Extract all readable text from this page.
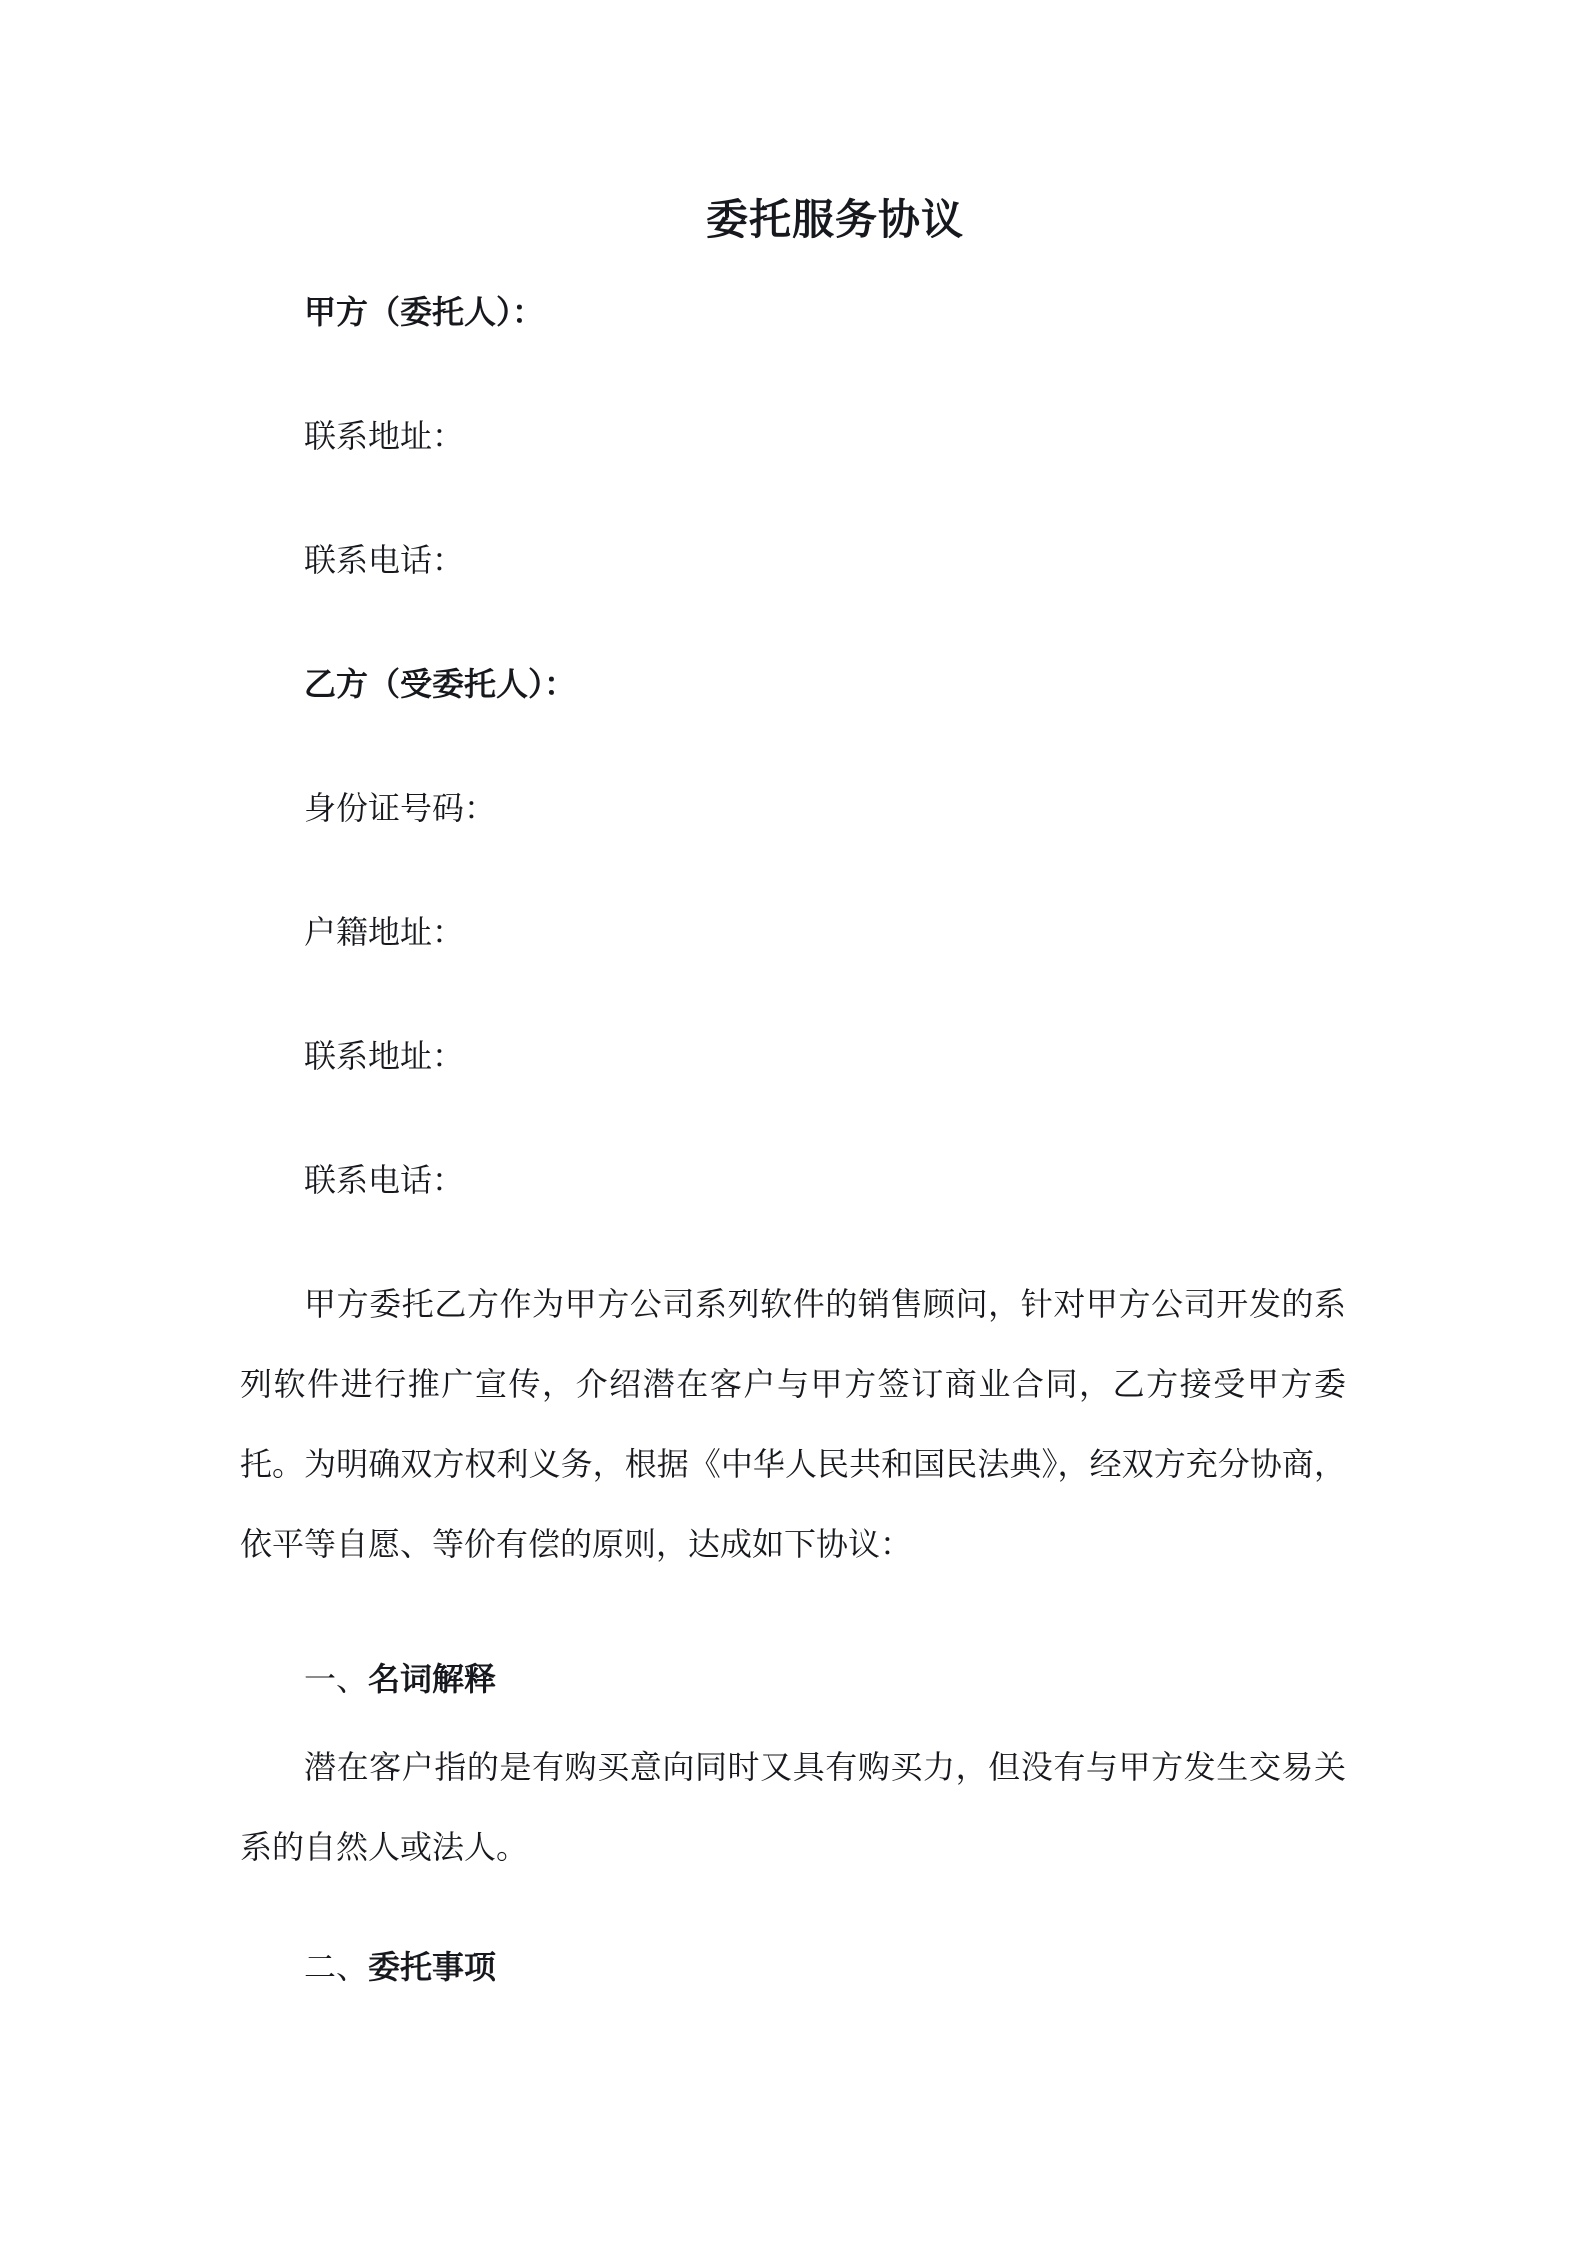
委托服务协议
甲方（委托人）：
联系地址：
联系电话：
乙方（受委托人）：
身份证号码：
户籍地址：
联系地址：
联系电话：

甲方委托乙方作为甲方公司系列软件的销售顾问，针对甲方公司开发的系列软件进行推广宣传，介绍潜在客户与甲方签订商业合同，乙方接受甲方委托。为明确双方权利义务，根据《中华人民共和国民法典》，经双方充分协商，依平等自愿、等价有偿的原则，达成如下协议：

一、名词解释

潜在客户指的是有购买意向同时又具有购买力，但没有与甲方发生交易关系的自然人或法人。

二、委托事项
